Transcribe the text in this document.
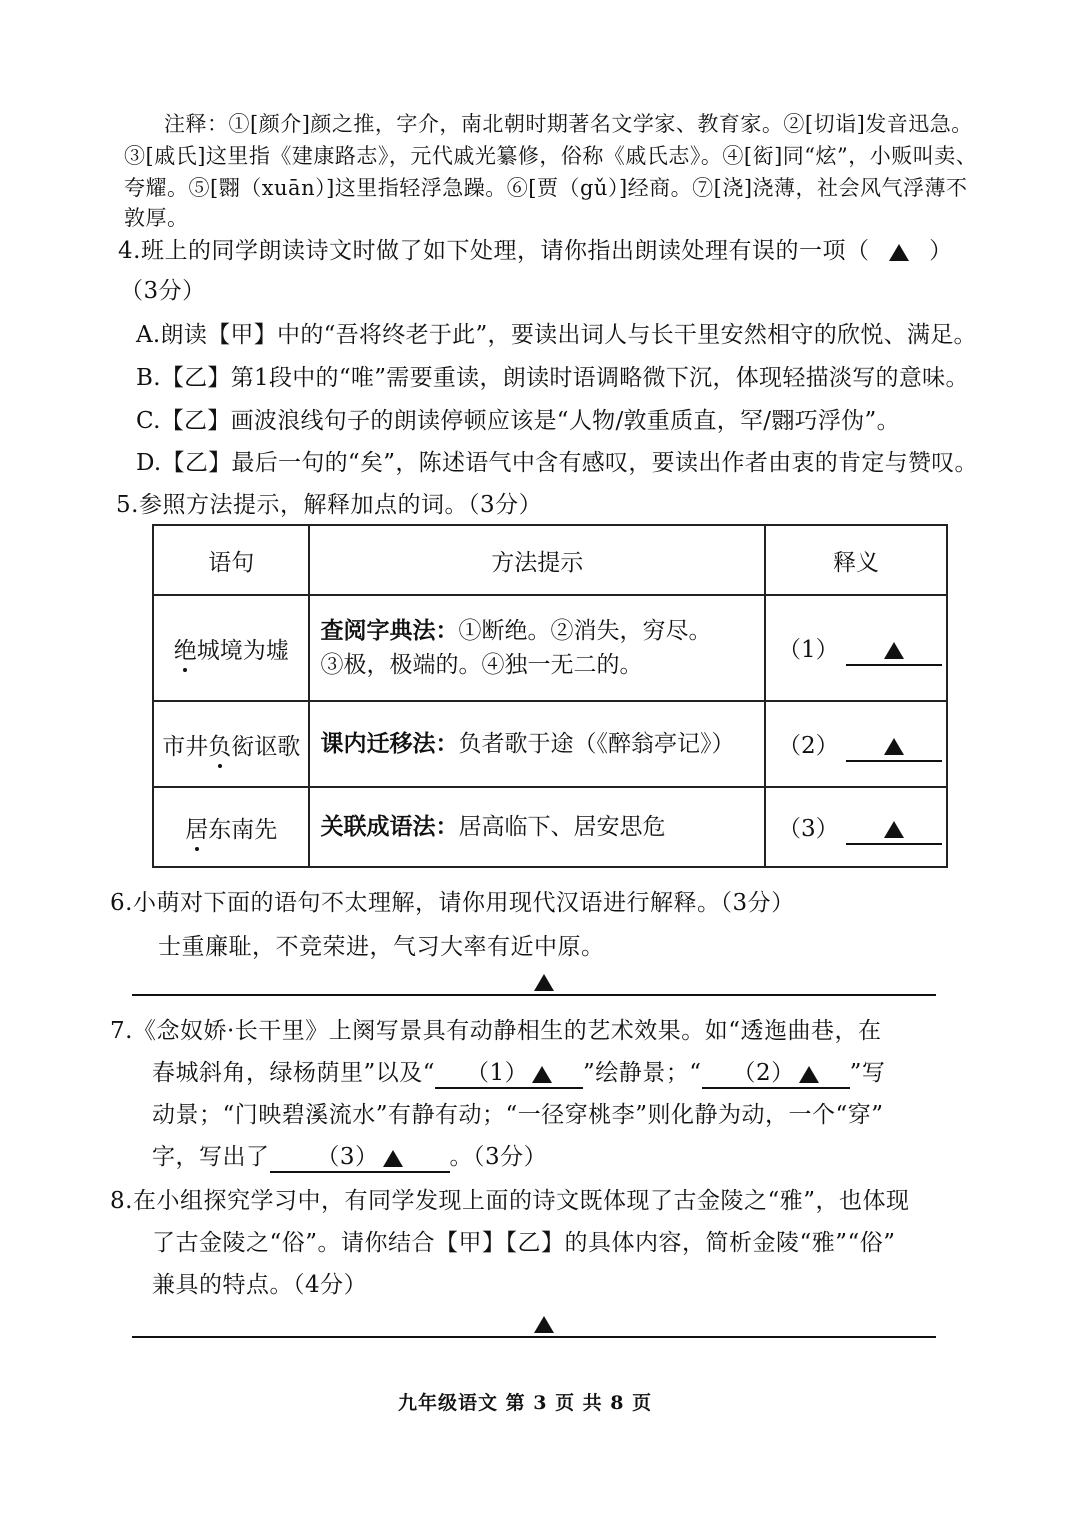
注释：①[颜介]颜之推，字介，南北朝时期著名文学家、教育家。②[切诣]发音迅急。
③[戚氏]这里指《建康路志》，元代戚光纂修，俗称《戚氏志》。④[衒]同“炫”，小贩叫卖、
夸耀。⑤[翾（xuān）]这里指轻浮急躁。⑥[贾（gǔ）]经商。⑦[浇]浇薄，社会风气浮薄不
敦厚。
4.班上的同学朗读诗文时做了如下处理，请你指出朗读处理有误的一项（	）
（3分）
A.朗读【甲】中的“吾将终老于此”，要读出词人与长干里安然相守的欣悦、满足。
B.【乙】第1段中的“唯”需要重读，朗读时语调略微下沉，体现轻描淡写的意味。
C.【乙】画波浪线句子的朗读停顿应该是“人物/敦重质直，罕/翾巧浮伪”。
D.【乙】最后一句的“矣”，陈述语气中含有感叹，要读出作者由衷的肯定与赞叹。
5.参照方法提示，解释加点的词。（3分）
语句	方法提示	释义
绝城境为墟	查阅字典法：①断绝。②消失，穷尽。
③极，极端的。④独一无二的。	（1）
市井负衒讴歌	课内迁移法：负者歌于途（《醉翁亭记》）	（2）
居东南先	关联成语法：居高临下、居安思危	（3）
6.小萌对下面的语句不太理解，请你用现代汉语进行解释。（3分）
士重廉耻，不竞荣进，气习大率有近中原。
7.《念奴娇·长干里》上阕写景具有动静相生的艺术效果。如“透迤曲巷，在
春城斜角，绿杨荫里”以及“ （1） ”绘静景；“ （2） ”写
动景；“门映碧溪流水”有静有动；“一径穿桃李”则化静为动，一个“穿”
字，写出了 （3）	。（3分）
8.在小组探究学习中，有同学发现上面的诗文既体现了古金陵之“雅”，也体现
了古金陵之“俗”。请你结合【甲】【乙】的具体内容，简析金陵“雅”“俗”
兼具的特点。（4分）
九年级语文 第 3 页 共 8 页
